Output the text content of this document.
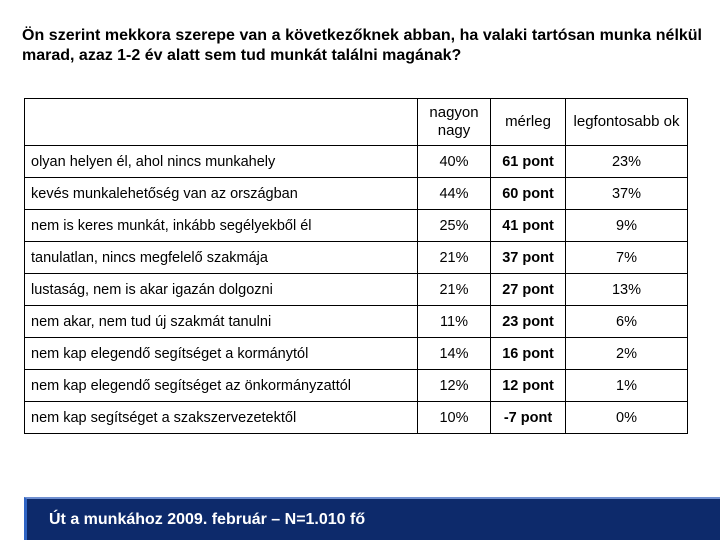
Ön szerint mekkora szerepe van a következőknek abban, ha valaki tartósan munka nélkül marad, azaz 1-2 év alatt sem tud munkát találni magának?
	nagyon nagy	mérleg	legfontosabb ok
olyan helyen él, ahol nincs munkahely	40%	61 pont	23%
kevés munkalehetőség van az országban	44%	60 pont	37%
nem is keres munkát, inkább segélyekből él	25%	41 pont	9%
tanulatlan, nincs megfelelő szakmája	21%	37 pont	7%
lustaság, nem is akar igazán dolgozni	21%	27 pont	13%
nem akar, nem tud új szakmát tanulni	11%	23 pont	6%
nem kap elegendő segítséget a kormánytól	14%	16 pont	2%
nem kap elegendő segítséget az önkormányzattól	12%	12 pont	1%
nem kap segítséget a szakszervezetektől	10%	-7 pont	0%
Út a munkához 2009. február – N=1.010 fő
